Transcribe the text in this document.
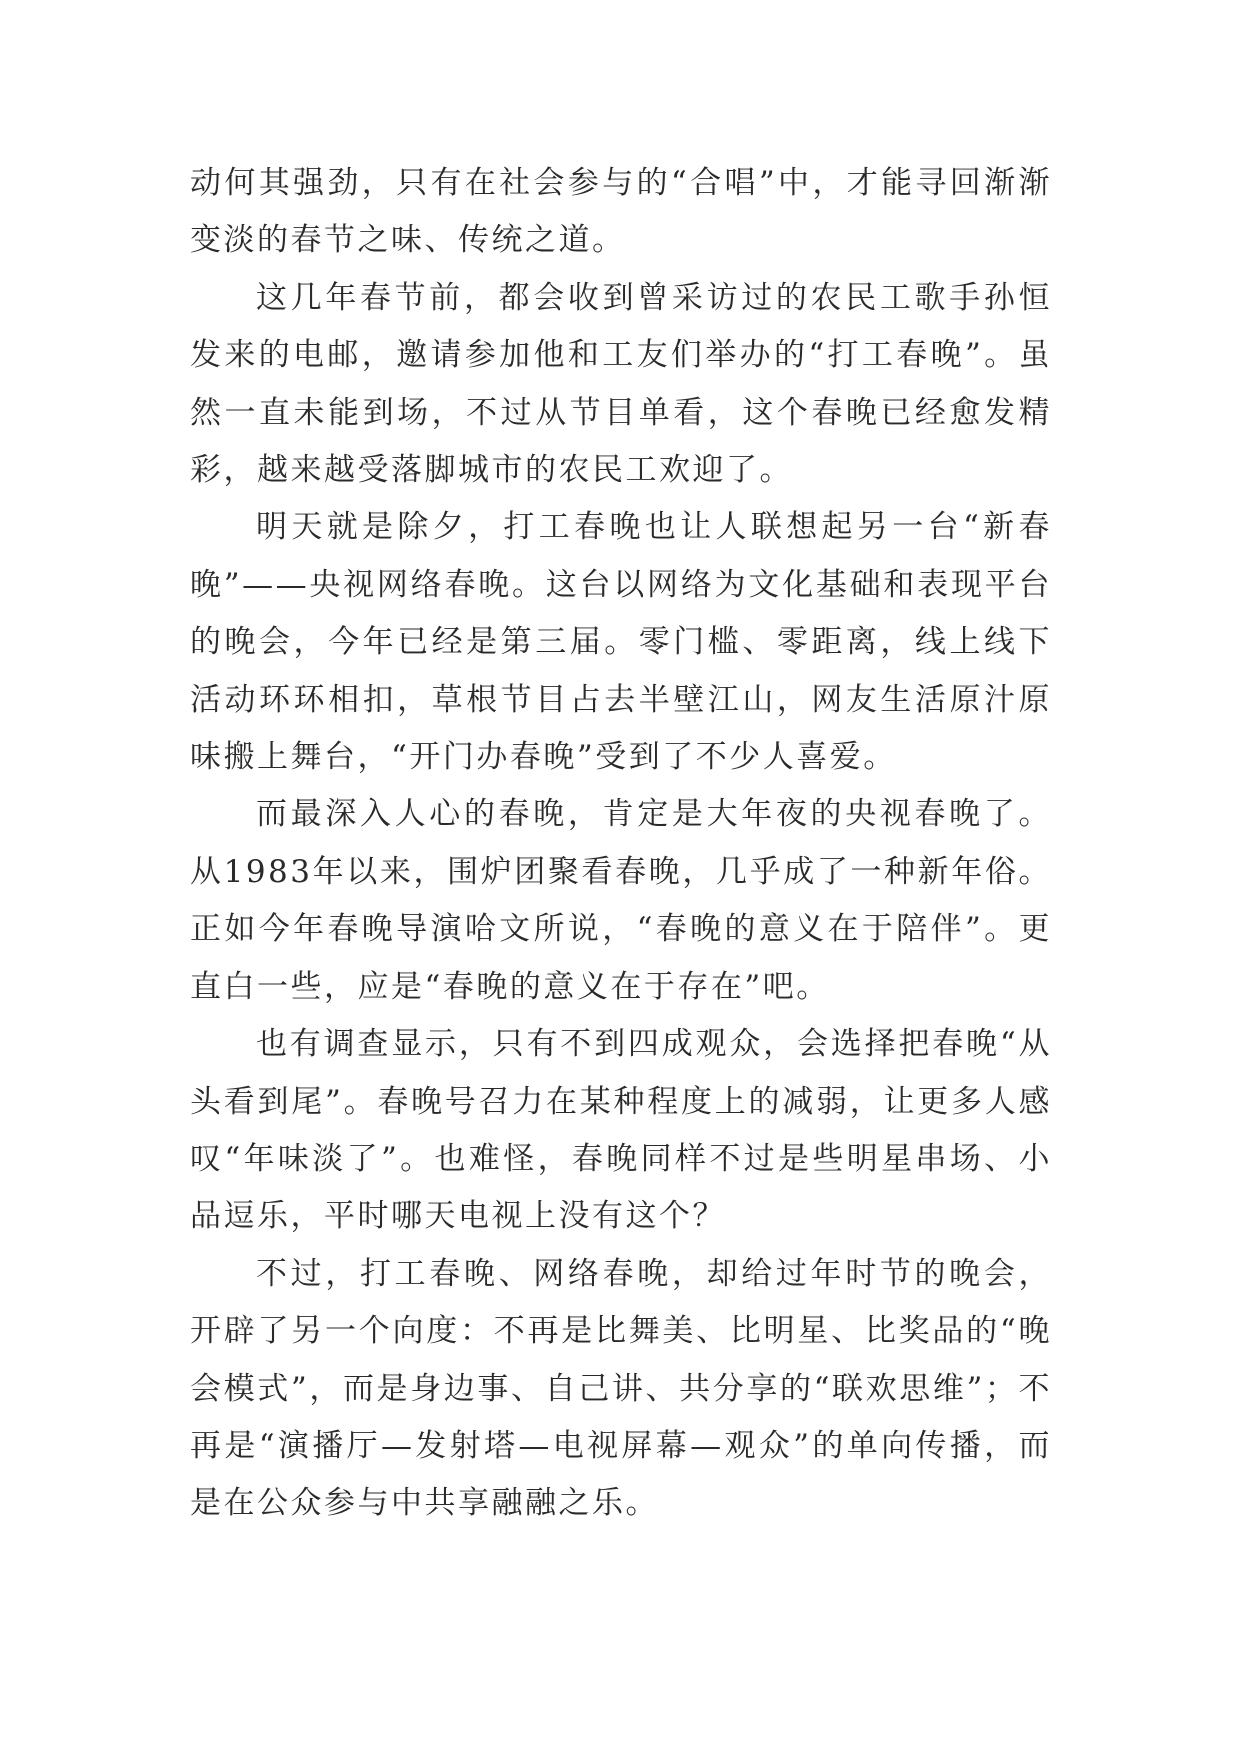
动何其强劲，只有在社会参与的“合唱”中，才能寻回渐渐变淡的春节之味、传统之道。

这几年春节前，都会收到曾采访过的农民工歌手孙恒发来的电邮，邀请参加他和工友们举办的“打工春晚”。虽然一直未能到场，不过从节目单看，这个春晚已经愈发精彩，越来越受落脚城市的农民工欢迎了。

明天就是除夕，打工春晚也让人联想起另一台“新春晚”——央视网络春晚。这台以网络为文化基础和表现平台的晚会，今年已经是第三届。零门槛、零距离，线上线下活动环环相扣，草根节目占去半壁江山，网友生活原汁原味搬上舞台，“开门办春晚”受到了不少人喜爱。

而最深入人心的春晚，肯定是大年夜的央视春晚了。从1983年以来，围炉团聚看春晚，几乎成了一种新年俗。正如今年春晚导演哈文所说，“春晚的意义在于陪伴”。更直白一些，应是“春晚的意义在于存在”吧。

也有调查显示，只有不到四成观众，会选择把春晚“从头看到尾”。春晚号召力在某种程度上的减弱，让更多人感叹“年味淡了”。也难怪，春晚同样不过是些明星串场、小品逗乐，平时哪天电视上没有这个？

不过，打工春晚、网络春晚，却给过年时节的晚会，开辟了另一个向度：不再是比舞美、比明星、比奖品的“晚会模式”，而是身边事、自己讲、共分享的“联欢思维”；不再是“演播厅—发射塔—电视屏幕—观众”的单向传播，而是在公众参与中共享融融之乐。
